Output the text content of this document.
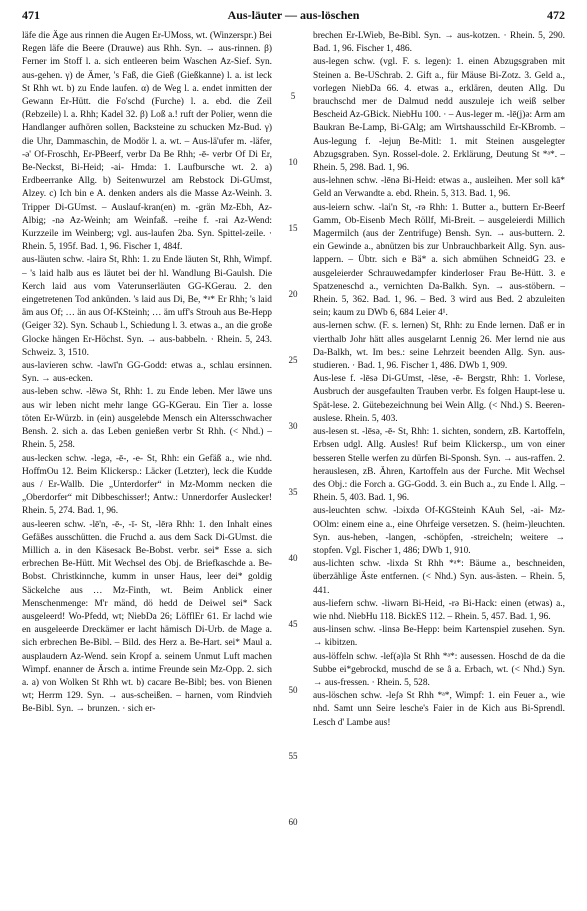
471	Aus-läuter — aus-löschen	472

läfe die Äge aus rinnen die Augen Er-UMoss, wt. (Winzerspr.) Bei Regen läfe die Beere (Drauwe) aus Rhh. Syn. → aus-rinnen. β) Ferner im Stoff l. a. sich entleeren beim Waschen Az-Sief. Syn. aus-gehen. γ) de Ämer, 's Faß, die Gieß (Gießkanne) l. a. ist leck St Rhh wt. b) zu Ende laufen. α) de Weg l. a. endet inmitten der Gewann Er-Hütt. die Fo'schd (Furche) l. a. ebd. die Zeil (Rebzeile) l. a. Rhh; Kadel 32. β) Loß a.! ruft der Polier, wenn die Handlanger aufhören sollen, Backsteine zu schucken Mz-Bud. γ) die Uhr, Dammaschin, de Modör l. a. wt. – Aus-lä'ufer m. -läfer, -ə' Of-Froschh, Er-PBeerf, verbr Da Be Rhh; -ē- verbr Of Di Er, Be-Neckst, Bi-Heid; -ai- Hmda: 1. Laufbursche wt. 2. a) Erdbeerranke Allg. b) Seitenwurzel am Rebstock Di-GUmst, Alzey. c) Ich bin e A. denken anders als die Masse Az-Weinh. 3. Tripper Di-GUmst. – Auslauf-kran(en) m. -grän Mz-Ebh, Az-Albig; -nə Az-Weinh; am Weinfaß. –reihe f. -rai Az-Wend: Kurzzeile im Weinberg; vgl. aus-laufen 2ba. Syn. Spittel-zeile. · Rhein. 5, 195f. Bad. 1, 96. Fischer 1, 484f.

aus-läuten schw. -lairə St, Rhh: 1. zu Ende läuten St, Rhh, Wimpf. – 's laid halb aus es läutet bei der hl. Wandlung Bi-Gaulsh. Die Kerch laid aus vom Vaterunserläuten GG-KGerau. 2. den eingetretenen Tod ankünden. 's laid aus Di, Be, *ᵃ* Er Rhh; 's laid äm aus Of; … än aus Of-KSteinh; … äm uff's Strouh aus Be-Hepp (Geiger 32). Syn. Schaub l., Schiedung l. 3. etwas a., an die große Glocke hängen Er-Höchst. Syn. → aus-babbeln. · Rhein. 5, 243. Schweiz. 3, 1510.

aus-lavieren schw. -lawī'n GG-Godd: etwas a., schlau ersinnen. Syn. → aus-ecken.

aus-leben schw. -lēwə St, Rhh: 1. zu Ende leben. Mer lāwe uns aus wir leben nicht mehr lange GG-KGerau. Ein Tier a. losse töten Er-Würzb. in (ein) ausgelebde Mensch ein Altersschwacher Bensh. 2. sich a. das Leben genießen verbr St Rhh. (< Nhd.) – Rhein. 5, 258.

aus-lecken schw. -legə, -ē-, -e- St, Rhh: ein Gefäß a., wie nhd. HoffmOu 12. Beim Klickersp.: Läcker (Letzter), leck die Kudde aus / Er-Wallb. Die „Unterdorfer“ in Mz-Momm necken die „Oberdorfer“ mit Dibbeschisser!; Antw.: Unnerdorfer Auslecker! Rhein. 5, 274. Bad. 1, 96.

aus-leeren schw. -lē'n, -ē-, -ī- St, -lērə Rhh: 1. den Inhalt eines Gefäßes ausschütten. die Fruchd a. aus dem Sack Di-GUmst. die Millich a. in den Käsesack Be-Bobst. verbr. sei* Esse a. sich erbrechen Be-Hütt. Mit Wechsel des Obj. de Briefkaschde a. Be-Bobst. Christkinnche, kumm in unser Haus, leer dei* goldig Säckelche aus … Mz-Finth, wt. Beim Anblick einer Menschenmenge: M'r mänd, dö hedd de Deiwel sei* Sack ausgeleerd! Wo-Pfedd, wt; NiebDa 26; LöfflEr 61. Er lachd wie en ausgeleerde Dreckämer er lacht hämisch Di-Urb. de Mage a. sich erbrechen Be-Bibl. – Bild. des Herz a. Be-Hart. sei* Maul a. ausplaudern Az-Wend. sein Kropf a. seinem Unmut Luft machen Wimpf. enanner de Ärsch a. intime Freunde sein Mz-Opp. 2. sich a. a) von Wolken St Rhh wt. b) cacare Be-Bibl; bes. von Bienen wt; Herrm 129. Syn. → aus-scheißen. – harnen, vom Rindvieh Be-Bibl. Syn. → brunzen. · sich er-

5
10
15
20
25
30
35
40
45
50
55
60

brechen Er-LWieb, Be-Bibl. Syn. → aus-kotzen. · Rhein. 5, 290. Bad. 1, 96. Fischer 1, 486.

aus-legen schw. (vgl. F. s. legen): 1. einen Abzugsgraben mit Steinen a. Be-USchrab. 2. Gift a., für Mäuse Bi-Zotz. 3. Geld a., vorlegen NiebDa 66. 4. etwas a., erklären, deuten Allg. Du brauchschd mer de Dalmud nedd auszuleje ich weiß selber Bescheid Az-GBick. NiebHu 100. · – Aus-leger m. -lē(j)ə: Arm am Baukran Be-Lamp, Bi-GAlg; am Wirtshausschild Er-KBromb. – Aus-legung f. -lejuŋ Be-Mitl: 1. mit Steinen ausgelegter Abzugsgraben. Syn. Rossel-dole. 2. Erklärung, Deutung St *ᵃ*. – Rhein. 5, 298. Bad. 1, 96.

aus-lehnen schw. -lēnə Bi-Heid: etwas a., ausleihen. Mer soll kā* Geld an Verwandte a. ebd. Rhein. 5, 313. Bad. 1, 96.

aus-leiern schw. -lai'n St, -rə Rhh: 1. Butter a., buttern Er-Beerf Gamm, Ob-Eisenb Mech Röllf, Mi-Breit. – ausgeleierdi Millich Magermilch (aus der Zentrifuge) Bensh. Syn. → aus-buttern. 2. ein Gewinde a., abnützen bis zur Unbrauchbarkeit Allg. Syn. aus-lappern. – Übtr. sich e Bä* a. sich abmühen SchneidG 23. e ausgeleierder Schrauwedampfer kinderloser Frau Be-Hütt. 3. e Spatzeneschd a., vernichten Da-Balkh. Syn. → aus-stöbern. – Rhein. 5, 362. Bad. 1, 96. – Bed. 3 wird aus Bed. 2 abzuleiten sein; kaum zu DWb 6, 684 Leier 4¹.

aus-lernen schw. (F. s. lernen) St, Rhh: zu Ende lernen. Daß er in vierthalb Johr hätt alles ausgelarnt Lennig 26. Mer lernd nie aus Da-Balkh, wt. Im bes.: seine Lehrzeit beenden Allg. Syn. aus-studieren. · Bad. 1, 96. Fischer 1, 486. DWb 1, 909.

Aus-lese f. -lēsə Di-GUmst, -lēse, -ē- Bergstr, Rhh: 1. Vorlese, Ausbruch der ausgefaulten Trauben verbr. Es folgen Haupt-lese u. Spät-lese. 2. Gütebezeichnung bei Wein Allg. (< Nhd.) S. Beeren-auslese. Rhein. 5, 403.

aus-lesen st. -lēsə, -ē- St, Rhh: 1. sichten, sondern, zB. Kartoffeln, Erbsen udgl. Allg. Ausles! Ruf beim Klickersp., um von einer besseren Stelle werfen zu dürfen Bi-Sponsh. Syn. → aus-raffen. 2. herauslesen, zB. Ähren, Kartoffeln aus der Furche. Mit Wechsel des Obj.: die Forch a. GG-Godd. 3. ein Buch a., zu Ende l. Allg. – Rhein. 5, 403. Bad. 1, 96.

aus-leuchten schw. -lɔixdə Of-KGSteinh KAuh Sel, -ai- Mz-OOlm: einem eine a., eine Ohrfeige versetzen. S. (heim-)leuchten. Syn. aus-heben, -langen, -schöpfen, -streicheln; weitere → stopfen. Vgl. Fischer 1, 486; DWb 1, 910.

aus-lichten schw. -lixdə St Rhh *ᵃ*: Bäume a., beschneiden, überzählige Äste entfernen. (< Nhd.) Syn. aus-ästen. – Rhein. 5, 441.

aus-liefern schw. -liwərn Bi-Heid, -rə Bi-Hack: einen (etwas) a., wie nhd. NiebHu 118. BickES 112. – Rhein. 5, 457. Bad. 1, 96.

aus-linsen schw. -linsə Be-Hepp: beim Kartenspiel zusehen. Syn. → kibitzen.

aus-löffeln schw. -lef(ə)lə St Rhh *ᵃ*: ausessen. Hoschd de da die Subbe ei*gebrockd, muschd de se â a. Erbach, wt. (< Nhd.) Syn. → aus-fressen. · Rhein. 5, 528.

aus-löschen schw. -leʃə St Rhh *ᵃ*, Wimpf: 1. ein Feuer a., wie nhd. Samt unn Seire lesche's Faier in de Kich aus Bi-Sprendl. Lesch d' Lambe aus!
